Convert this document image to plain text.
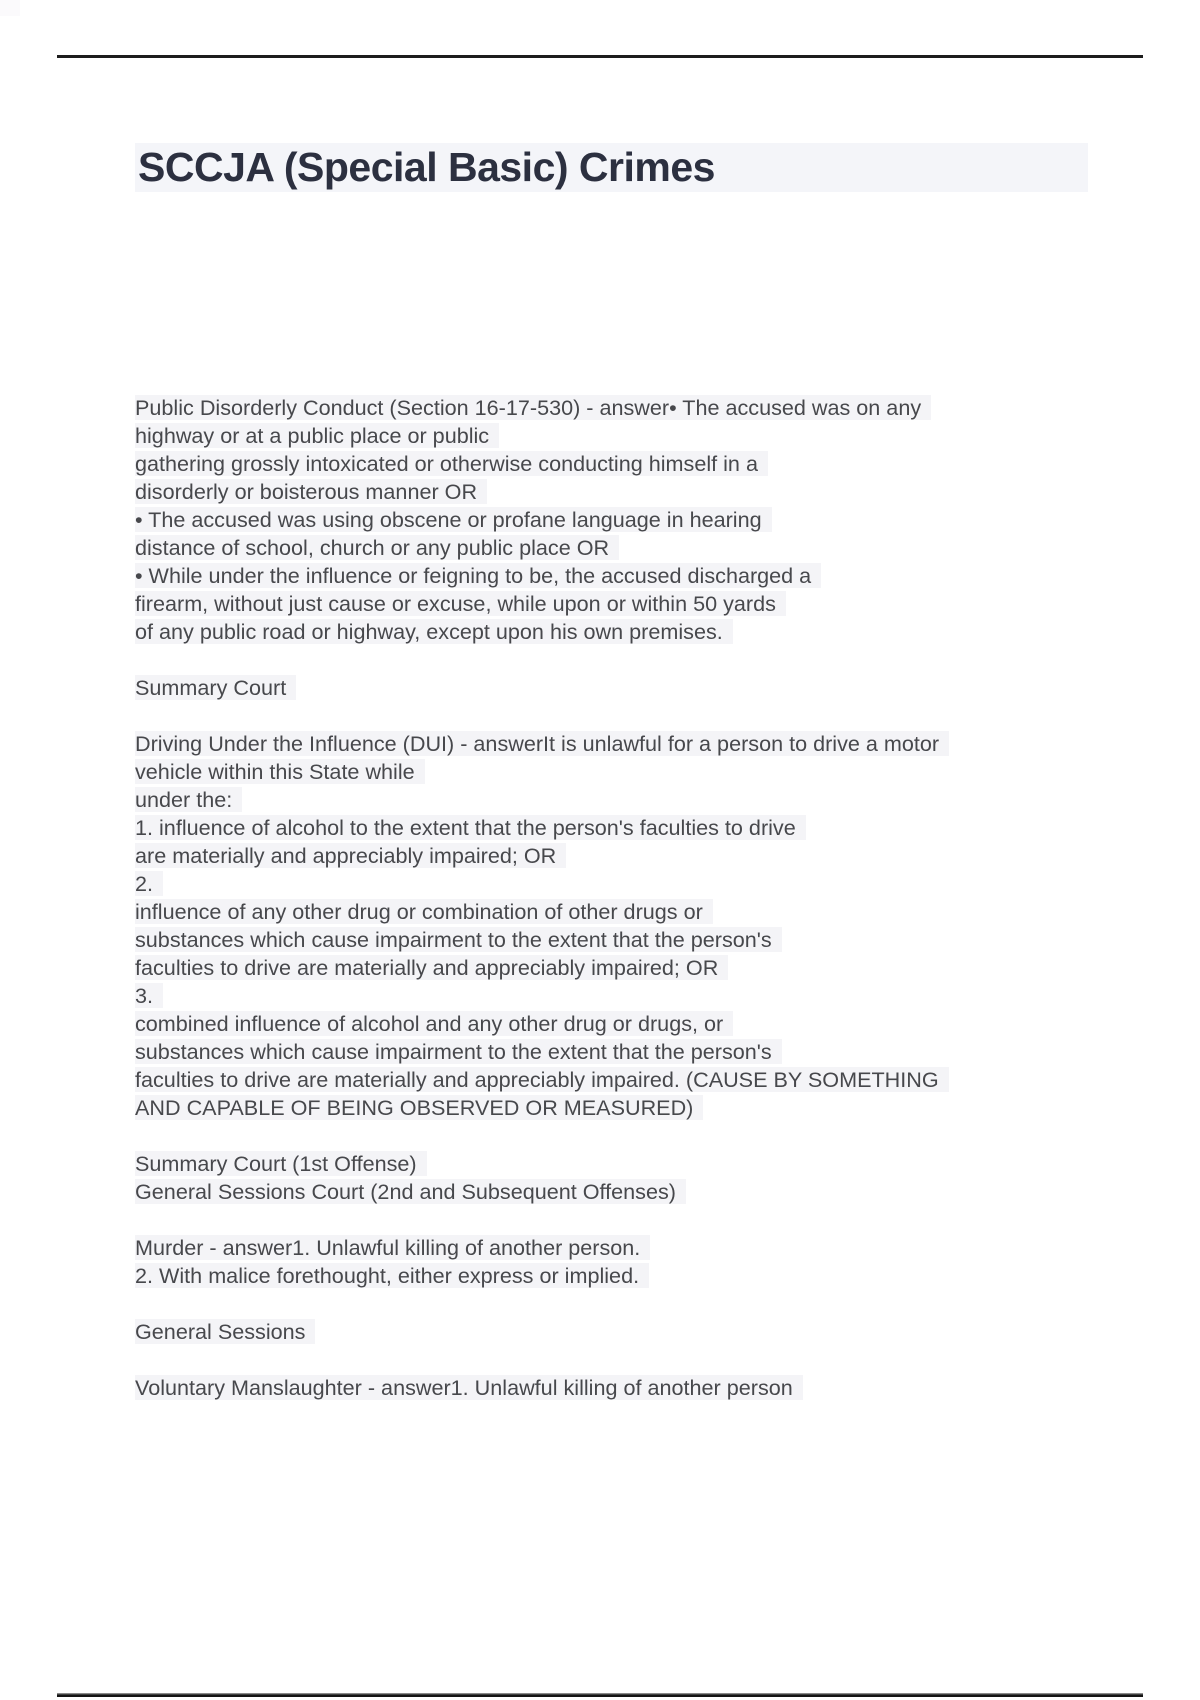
SCCJA (Special Basic) Crimes
Public Disorderly Conduct (Section 16-17-530) - answer• The accused was on any
highway or at a public place or public
gathering grossly intoxicated or otherwise conducting himself in a
disorderly or boisterous manner OR
• The accused was using obscene or profane language in hearing
distance of school, church or any public place OR
• While under the influence or feigning to be, the accused discharged a
firearm, without just cause or excuse, while upon or within 50 yards
of any public road or highway, except upon his own premises.
Summary Court
Driving Under the Influence (DUI) - answerIt is unlawful for a person to drive a motor
vehicle within this State while
under the:
1. influence of alcohol to the extent that the person's faculties to drive
are materially and appreciably impaired; OR
2.
influence of any other drug or combination of other drugs or
substances which cause impairment to the extent that the person's
faculties to drive are materially and appreciably impaired; OR
3.
combined influence of alcohol and any other drug or drugs, or
substances which cause impairment to the extent that the person's
faculties to drive are materially and appreciably impaired. (CAUSE BY SOMETHING
AND CAPABLE OF BEING OBSERVED OR MEASURED)
Summary Court (1st Offense)
General Sessions Court (2nd and Subsequent Offenses)
Murder - answer1. Unlawful killing of another person.
2. With malice forethought, either express or implied.
General Sessions
Voluntary Manslaughter - answer1. Unlawful killing of another person
